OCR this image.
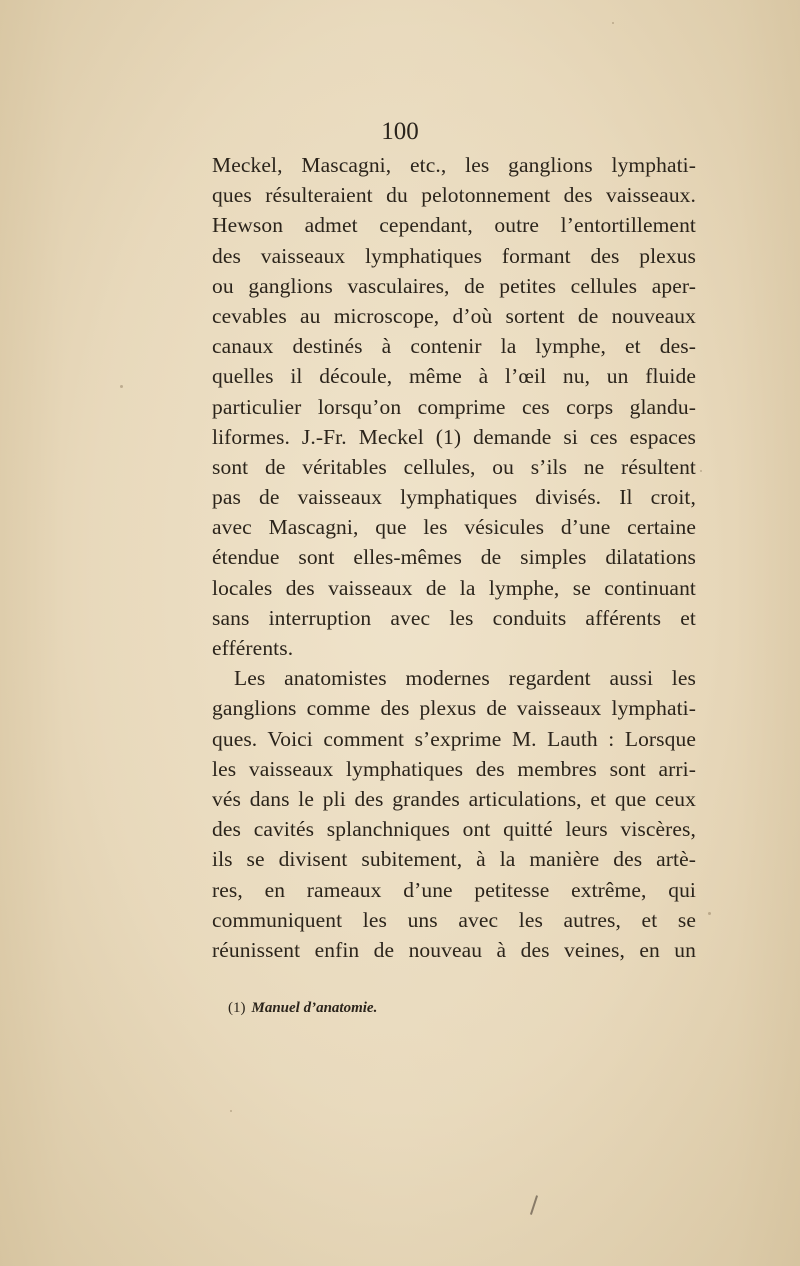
100
Meckel, Mascagni, etc., les ganglions lymphati-
ques résulteraient du pelotonnement des vaisseaux.
Hewson admet cependant, outre l’entortillement
des vaisseaux lymphatiques formant des plexus
ou ganglions vasculaires, de petites cellules aper-
cevables au microscope, d’où sortent de nouveaux
canaux destinés à contenir la lymphe, et des-
quelles il découle, même à l’œil nu, un fluide
particulier lorsqu’on comprime ces corps glandu-
liformes. J.-Fr. Meckel (1) demande si ces espaces
sont de véritables cellules, ou s’ils ne résultent
pas de vaisseaux lymphatiques divisés. Il croit,
avec Mascagni, que les vésicules d’une certaine
étendue sont elles-mêmes de simples dilatations
locales des vaisseaux de la lymphe, se continuant
sans interruption avec les conduits afférents et
efférents.
Les anatomistes modernes regardent aussi les
ganglions comme des plexus de vaisseaux lymphati-
ques. Voici comment s’exprime M. Lauth : Lorsque
les vaisseaux lymphatiques des membres sont arri-
vés dans le pli des grandes articulations, et que ceux
des cavités splanchniques ont quitté leurs viscères,
ils se divisent subitement, à la manière des artè-
res, en rameaux d’une petitesse extrême, qui
communiquent les uns avec les autres, et se
réunissent enfin de nouveau à des veines, en un
(1) Manuel d’anatomie.
